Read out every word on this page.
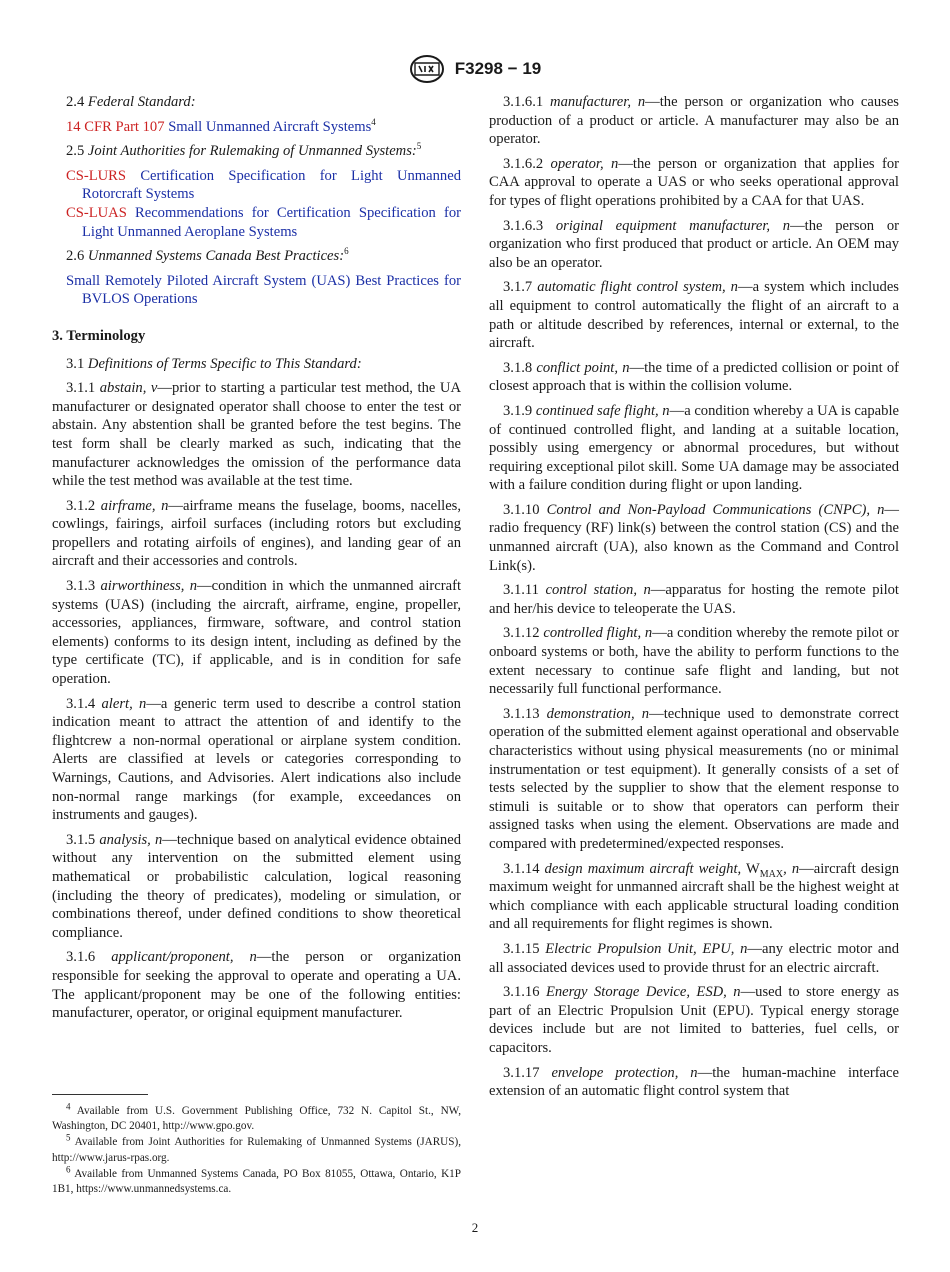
F3298 − 19

2.4 Federal Standard:

14 CFR Part 107 Small Unmanned Aircraft Systems$^4$

2.5 Joint Authorities for Rulemaking of Unmanned Systems:$^5$

CS-LURS Certification Specification for Light Unmanned Rotorcraft Systems
CS-LUAS Recommendations for Certification Specification for Light Unmanned Aeroplane Systems

2.6 Unmanned Systems Canada Best Practices:$^6$

Small Remotely Piloted Aircraft System (UAS) Best Practices for BVLOS Operations
3. Terminology

3.1 Definitions of Terms Specific to This Standard:

3.1.1 abstain, v—prior to starting a particular test method, the UA manufacturer or designated operator shall choose to enter the test or abstain. Any abstention shall be granted before the test begins. The test form shall be clearly marked as such, indicating that the manufacturer acknowledges the omission of the performance data while the test method was available at the test time.

3.1.2 airframe, n—airframe means the fuselage, booms, nacelles, cowlings, fairings, airfoil surfaces (including rotors but excluding propellers and rotating airfoils of engines), and landing gear of an aircraft and their accessories and controls.

3.1.3 airworthiness, n—condition in which the unmanned aircraft systems (UAS) (including the aircraft, airframe, engine, propeller, accessories, appliances, firmware, software, and control station elements) conforms to its design intent, including as defined by the type certificate (TC), if applicable, and is in condition for safe operation.

3.1.4 alert, n—a generic term used to describe a control station indication meant to attract the attention of and identify to the flightcrew a non-normal operational or airplane system condition. Alerts are classified at levels or categories corresponding to Warnings, Cautions, and Advisories. Alert indications also include non-normal range markings (for example, exceedances on instruments and gauges).

3.1.5 analysis, n—technique based on analytical evidence obtained without any intervention on the submitted element using mathematical or probabilistic calculation, logical reasoning (including the theory of predicates), modeling or simulation, or combinations thereof, under defined conditions to show theoretical compliance.

3.1.6 applicant/proponent, n—the person or organization responsible for seeking the approval to operate and operating a UA. The applicant/proponent may be one of the following entities: manufacturer, operator, or original equipment manufacturer.

$^4$ Available from U.S. Government Publishing Office, 732 N. Capitol St., NW, Washington, DC 20401, http://www.gpo.gov.
$^5$ Available from Joint Authorities for Rulemaking of Unmanned Systems (JARUS), http://www.jarus-rpas.org.
$^6$ Available from Unmanned Systems Canada, PO Box 81055, Ottawa, Ontario, K1P 1B1, https://www.unmannedsystems.ca.

3.1.6.1 manufacturer, n—the person or organization who causes production of a product or article. A manufacturer may also be an operator.

3.1.6.2 operator, n—the person or organization that applies for CAA approval to operate a UAS or who seeks operational approval for types of flight operations prohibited by a CAA for that UAS.

3.1.6.3 original equipment manufacturer, n—the person or organization who first produced that product or article. An OEM may also be an operator.

3.1.7 automatic flight control system, n—a system which includes all equipment to control automatically the flight of an aircraft to a path or altitude described by references, internal or external, to the aircraft.

3.1.8 conflict point, n—the time of a predicted collision or point of closest approach that is within the collision volume.

3.1.9 continued safe flight, n—a condition whereby a UA is capable of continued controlled flight, and landing at a suitable location, possibly using emergency or abnormal procedures, but without requiring exceptional pilot skill. Some UA damage may be associated with a failure condition during flight or upon landing.

3.1.10 Control and Non-Payload Communications (CNPC), n—radio frequency (RF) link(s) between the control station (CS) and the unmanned aircraft (UA), also known as the Command and Control Link(s).

3.1.11 control station, n—apparatus for hosting the remote pilot and her/his device to teleoperate the UAS.

3.1.12 controlled flight, n—a condition whereby the remote pilot or onboard systems or both, have the ability to perform functions to the extent necessary to continue safe flight and landing, but not necessarily full functional performance.

3.1.13 demonstration, n—technique used to demonstrate correct operation of the submitted element against operational and observable characteristics without using physical measurements (no or minimal instrumentation or test equipment). It generally consists of a set of tests selected by the supplier to show that the element response to stimuli is suitable or to show that operators can perform their assigned tasks when using the element. Observations are made and compared with predetermined/expected responses.

3.1.14 design maximum aircraft weight, $W_{MAX}$, n—aircraft design maximum weight for unmanned aircraft shall be the highest weight at which compliance with each applicable structural loading condition and all requirements for flight regimes is shown.

3.1.15 Electric Propulsion Unit, EPU, n—any electric motor and all associated devices used to provide thrust for an electric aircraft.

3.1.16 Energy Storage Device, ESD, n—used to store energy as part of an Electric Propulsion Unit (EPU). Typical energy storage devices include but are not limited to batteries, fuel cells, or capacitors.

3.1.17 envelope protection, n—the human-machine interface extension of an automatic flight control system that

2
